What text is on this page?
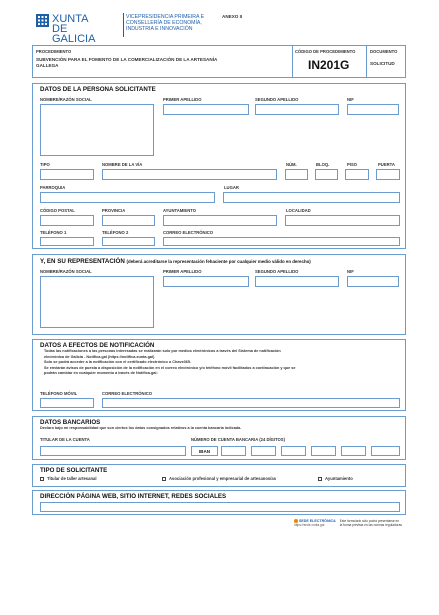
XUNTA
DE GALICIA
VICEPRESIDENCIA PRIMEIRA E
CONSELLERÍA DE ECONOMÍA,
INDUSTRIA E INNOVACIÓN
ANEXO II
PROCEDIMIENTO
SUBVENCIÓN PARA EL FOMENTO DE LA COMERCIALIZACIÓN DE LA ARTESANÍA
GALLEGA
CÓDIGO DE PROCEDIMIENTO
IN201G
DOCUMENTO
SOLICITUD
DATOS DE LA PERSONA SOLICITANTE
NOMBRE/RAZÓN SOCIAL	PRIMER APELLIDO	SEGUNDO APELLIDO	NIF
TIPO	NOMBRE DE LA VÍA	NÚM.	BLOQ.	PISO	PUERTA
PARROQUIA	LUGAR
CÓDIGO POSTAL	PROVINCIA	AYUNTAMIENTO	LOCALIDAD
TELÉFONO 1	TELÉFONO 2	CORREO ELECTRÓNICO
Y, EN SU REPRESENTACIÓN (deberá acreditarse la representación fehaciente por cualquier medio válido en derecho)
NOMBRE/RAZÓN SOCIAL	PRIMER APELLIDO	SEGUNDO APELLIDO	NIF
DATOS A EFECTOS DE NOTIFICACIÓN
Todas las notificaciones a las personas interesadas se realizarán solo por medios electrónicos a través del Sistema de notificación
electrónica de Galicia - Notifica.gal (https://notifica.xunta.gal)
Solo se podrá acceder a la notificación con el certificado electrónico o Chave365.
Se enviarán avisos de puesta a disposición de la notificación en el correo electrónico y/o teléfono móvil facilitados a continuación y que se
podrán cambiar en cualquier momento a través de Notifica.gal:
TELÉFONO MÓVIL	CORREO ELECTRÓNICO
DATOS BANCARIOS
Declaro bajo mi responsabilidad que son ciertos los datos consignados relativos a la cuenta bancaria indicada.
TITULAR DE LA CUENTA	NÚMERO DE CUENTA BANCARIA (24 DÍGITOS)
IBAN
TIPO DE SOLICITANTE
Titular de taller artesanal	Asociación profesional y empresarial de artesanos/as	Ayuntamiento
DIRECCIÓN PÁGINA WEB, SITIO INTERNET, REDES SOCIALES
SEDE ELECTRÓNICA
https://sede.xunta.gal
Este formulario sólo podrá presentarse en
la forma prevista en las normas reguladoras
